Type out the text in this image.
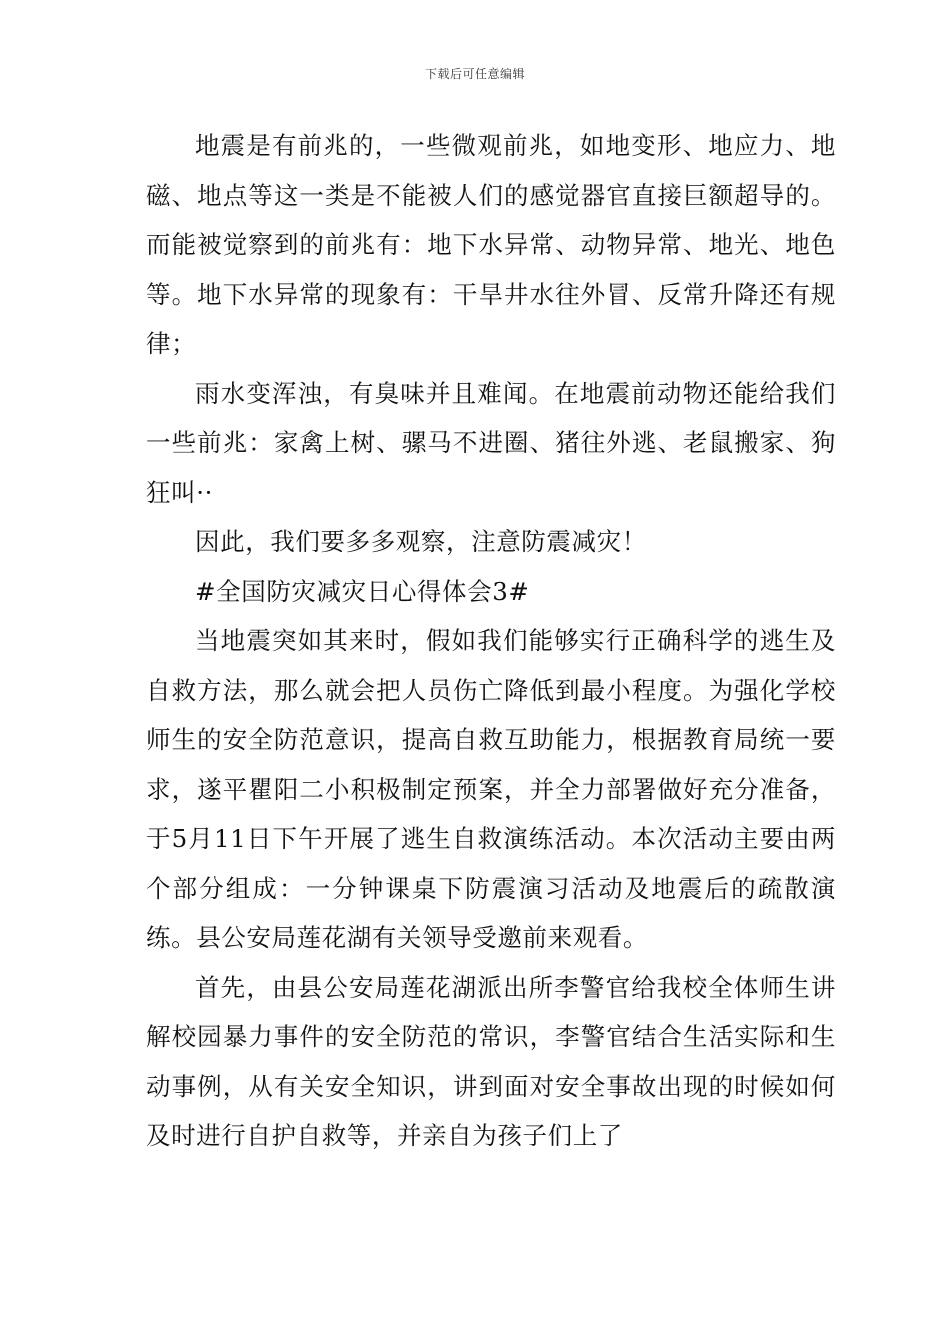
下载后可任意编辑

地震是有前兆的，一些微观前兆，如地变形、地应力、地磁、地点等这一类是不能被人们的感觉器官直接巨额超导的。而能被觉察到的前兆有：地下水异常、动物异常、地光、地色等。地下水异常的现象有：干旱井水往外冒、反常升降还有规律；

雨水变浑浊，有臭味并且难闻。在地震前动物还能给我们一些前兆：家禽上树、骡马不进圈、猪往外逃、老鼠搬家、狗狂叫··

因此，我们要多多观察，注意防震减灾！

#全国防灾减灾日心得体会3#

当地震突如其来时，假如我们能够实行正确科学的逃生及自救方法，那么就会把人员伤亡降低到最小程度。为强化学校师生的安全防范意识，提高自救互助能力，根据教育局统一要求，遂平瞿阳二小积极制定预案，并全力部署做好充分准备，于5月11日下午开展了逃生自救演练活动。本次活动主要由两个部分组成：一分钟课桌下防震演习活动及地震后的疏散演练。县公安局莲花湖有关领导受邀前来观看。

首先，由县公安局莲花湖派出所李警官给我校全体师生讲解校园暴力事件的安全防范的常识，李警官结合生活实际和生动事例，从有关安全知识，讲到面对安全事故出现的时候如何及时进行自护自救等，并亲自为孩子们上了
